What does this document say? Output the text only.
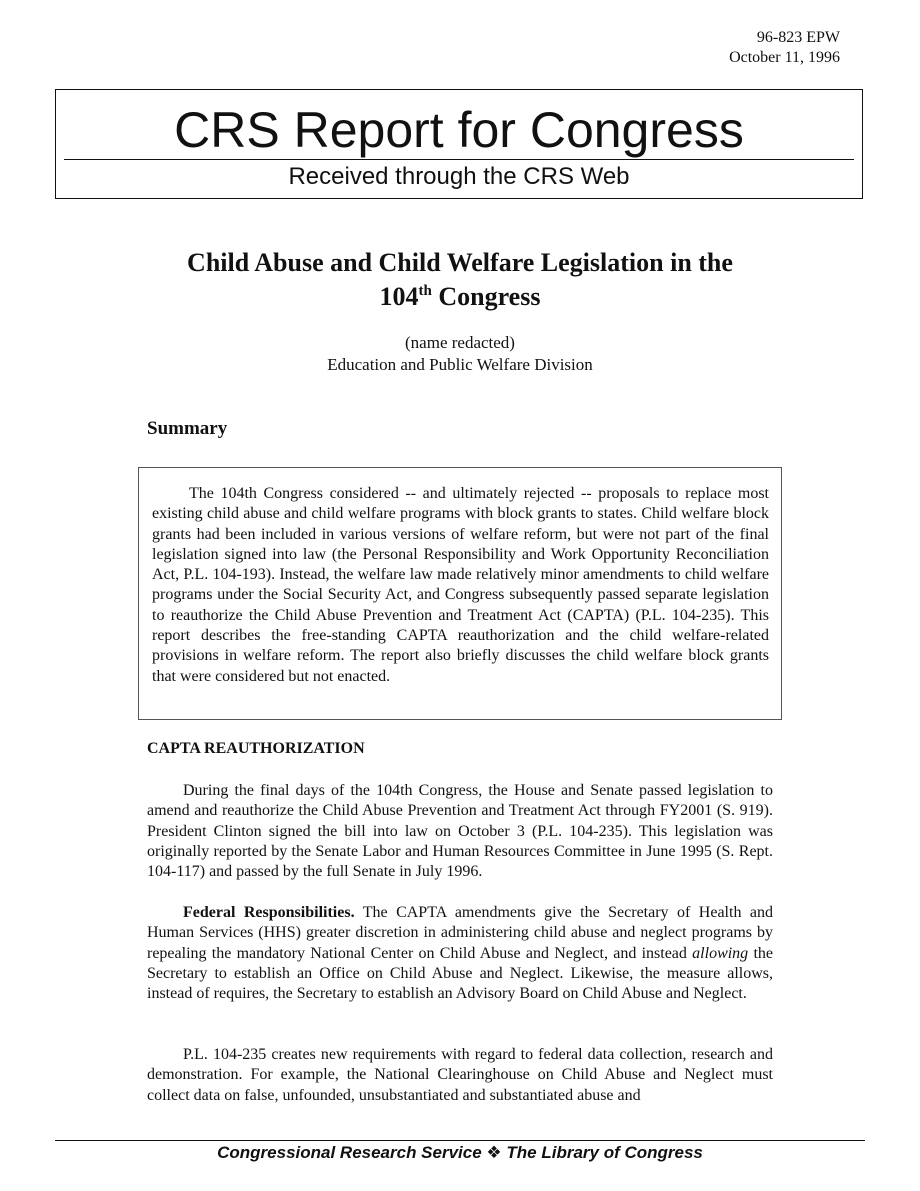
96-823 EPW
October 11, 1996
CRS Report for Congress
Received through the CRS Web
Child Abuse and Child Welfare Legislation in the
104th Congress
(name redacted)
Education and Public Welfare Division
Summary

The 104th Congress considered -- and ultimately rejected -- proposals to replace most existing child abuse and child welfare programs with block grants to states. Child welfare block grants had been included in various versions of welfare reform, but were not part of the final legislation signed into law (the Personal Responsibility and Work Opportunity Reconciliation Act, P.L. 104-193). Instead, the welfare law made relatively minor amendments to child welfare programs under the Social Security Act, and Congress subsequently passed separate legislation to reauthorize the Child Abuse Prevention and Treatment Act (CAPTA) (P.L. 104-235). This report describes the free-standing CAPTA reauthorization and the child welfare-related provisions in welfare reform. The report also briefly discusses the child welfare block grants that were considered but not enacted.

CAPTA REAUTHORIZATION

During the final days of the 104th Congress, the House and Senate passed legislation to amend and reauthorize the Child Abuse Prevention and Treatment Act through FY2001 (S. 919). President Clinton signed the bill into law on October 3 (P.L. 104-235). This legislation was originally reported by the Senate Labor and Human Resources Committee in June 1995 (S. Rept. 104-117) and passed by the full Senate in July 1996.

Federal Responsibilities. The CAPTA amendments give the Secretary of Health and Human Services (HHS) greater discretion in administering child abuse and neglect programs by repealing the mandatory National Center on Child Abuse and Neglect, and instead allowing the Secretary to establish an Office on Child Abuse and Neglect. Likewise, the measure allows, instead of requires, the Secretary to establish an Advisory Board on Child Abuse and Neglect.

P.L. 104-235 creates new requirements with regard to federal data collection, research and demonstration. For example, the National Clearinghouse on Child Abuse and Neglect must collect data on false, unfounded, unsubstantiated and substantiated abuse and

Congressional Research Service ❖ The Library of Congress
